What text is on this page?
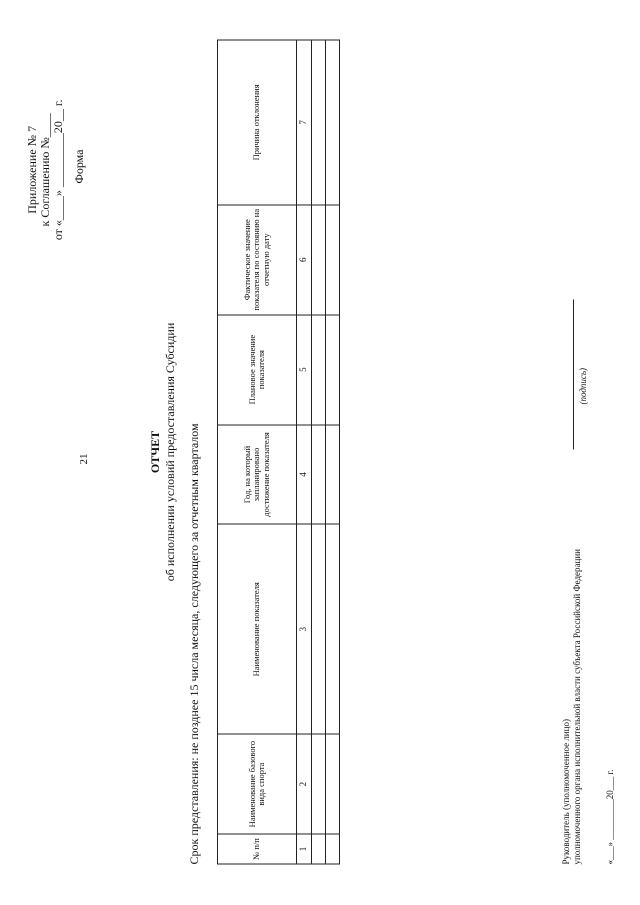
21
Приложение № 7 к Соглашению №____ от «____» _________20__ г. Форма
ОТЧЕТ об исполнении условий предоставления Субсидии Срок представления: не позднее 15 числа месяца, следующего за отчетным кварталом	№ п/п	Наименование базового вида спорта	Наименование показателя	Год, на который запланировано достижение показателя	Плановое значение показателя	Фактическое значение показателя по состоянию на отчетную дату	Причина отклонения
1	2	3	4	5	6	7

Руководитель (уполномоченное лицо) уполномоченного органа исполнительной власти субъекта Российской Федерации
(подпись)
«___» _________20___ г.
